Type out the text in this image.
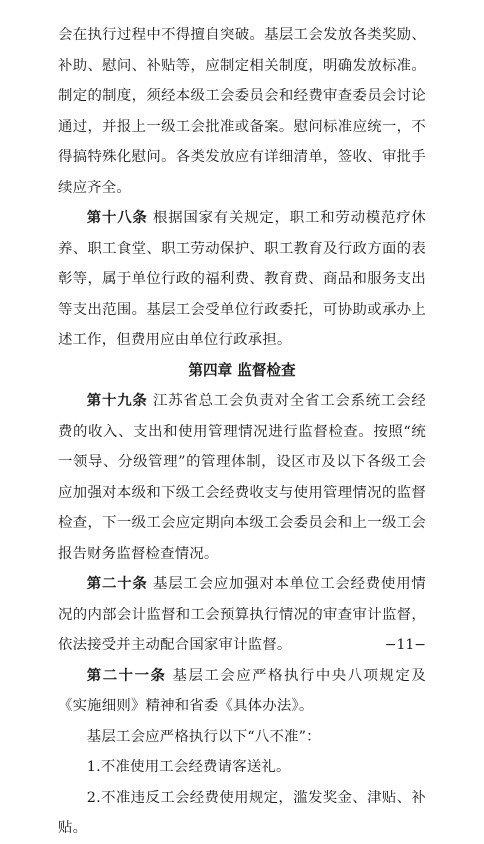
会在执行过程中不得擅自突破。基层工会发放各类奖励、补助、慰问、补贴等，应制定相关制度，明确发放标准。制定的制度，须经本级工会委员会和经费审查委员会讨论通过，并报上一级工会批准或备案。慰问标准应统一，不得搞特殊化慰问。各类发放应有详细清单，签收、审批手续应齐全。

第十八条 根据国家有关规定，职工和劳动模范疗休养、职工食堂、职工劳动保护、职工教育及行政方面的表彰等，属于单位行政的福利费、教育费、商品和服务支出等支出范围。基层工会受单位行政委托，可协助或承办上述工作，但费用应由单位行政承担。

第四章 监督检查

第十九条 江苏省总工会负责对全省工会系统工会经费的收入、支出和使用管理情况进行监督检查。按照“统一领导、分级管理”的管理体制，设区市及以下各级工会应加强对本级和下级工会经费收支与使用管理情况的监督检查，下一级工会应定期向本级工会委员会和上一级工会报告财务监督检查情况。

第二十条 基层工会应加强对本单位工会经费使用情况的内部会计监督和工会预算执行情况的审查审计监督，依法接受并主动配合国家审计监督。

第二十一条 基层工会应严格执行中央八项规定及《实施细则》精神和省委《具体办法》。

基层工会应严格执行以下“八不准”：

1.不准使用工会经费请客送礼。

2.不准违反工会经费使用规定，滥发奖金、津贴、补贴。

−11−
